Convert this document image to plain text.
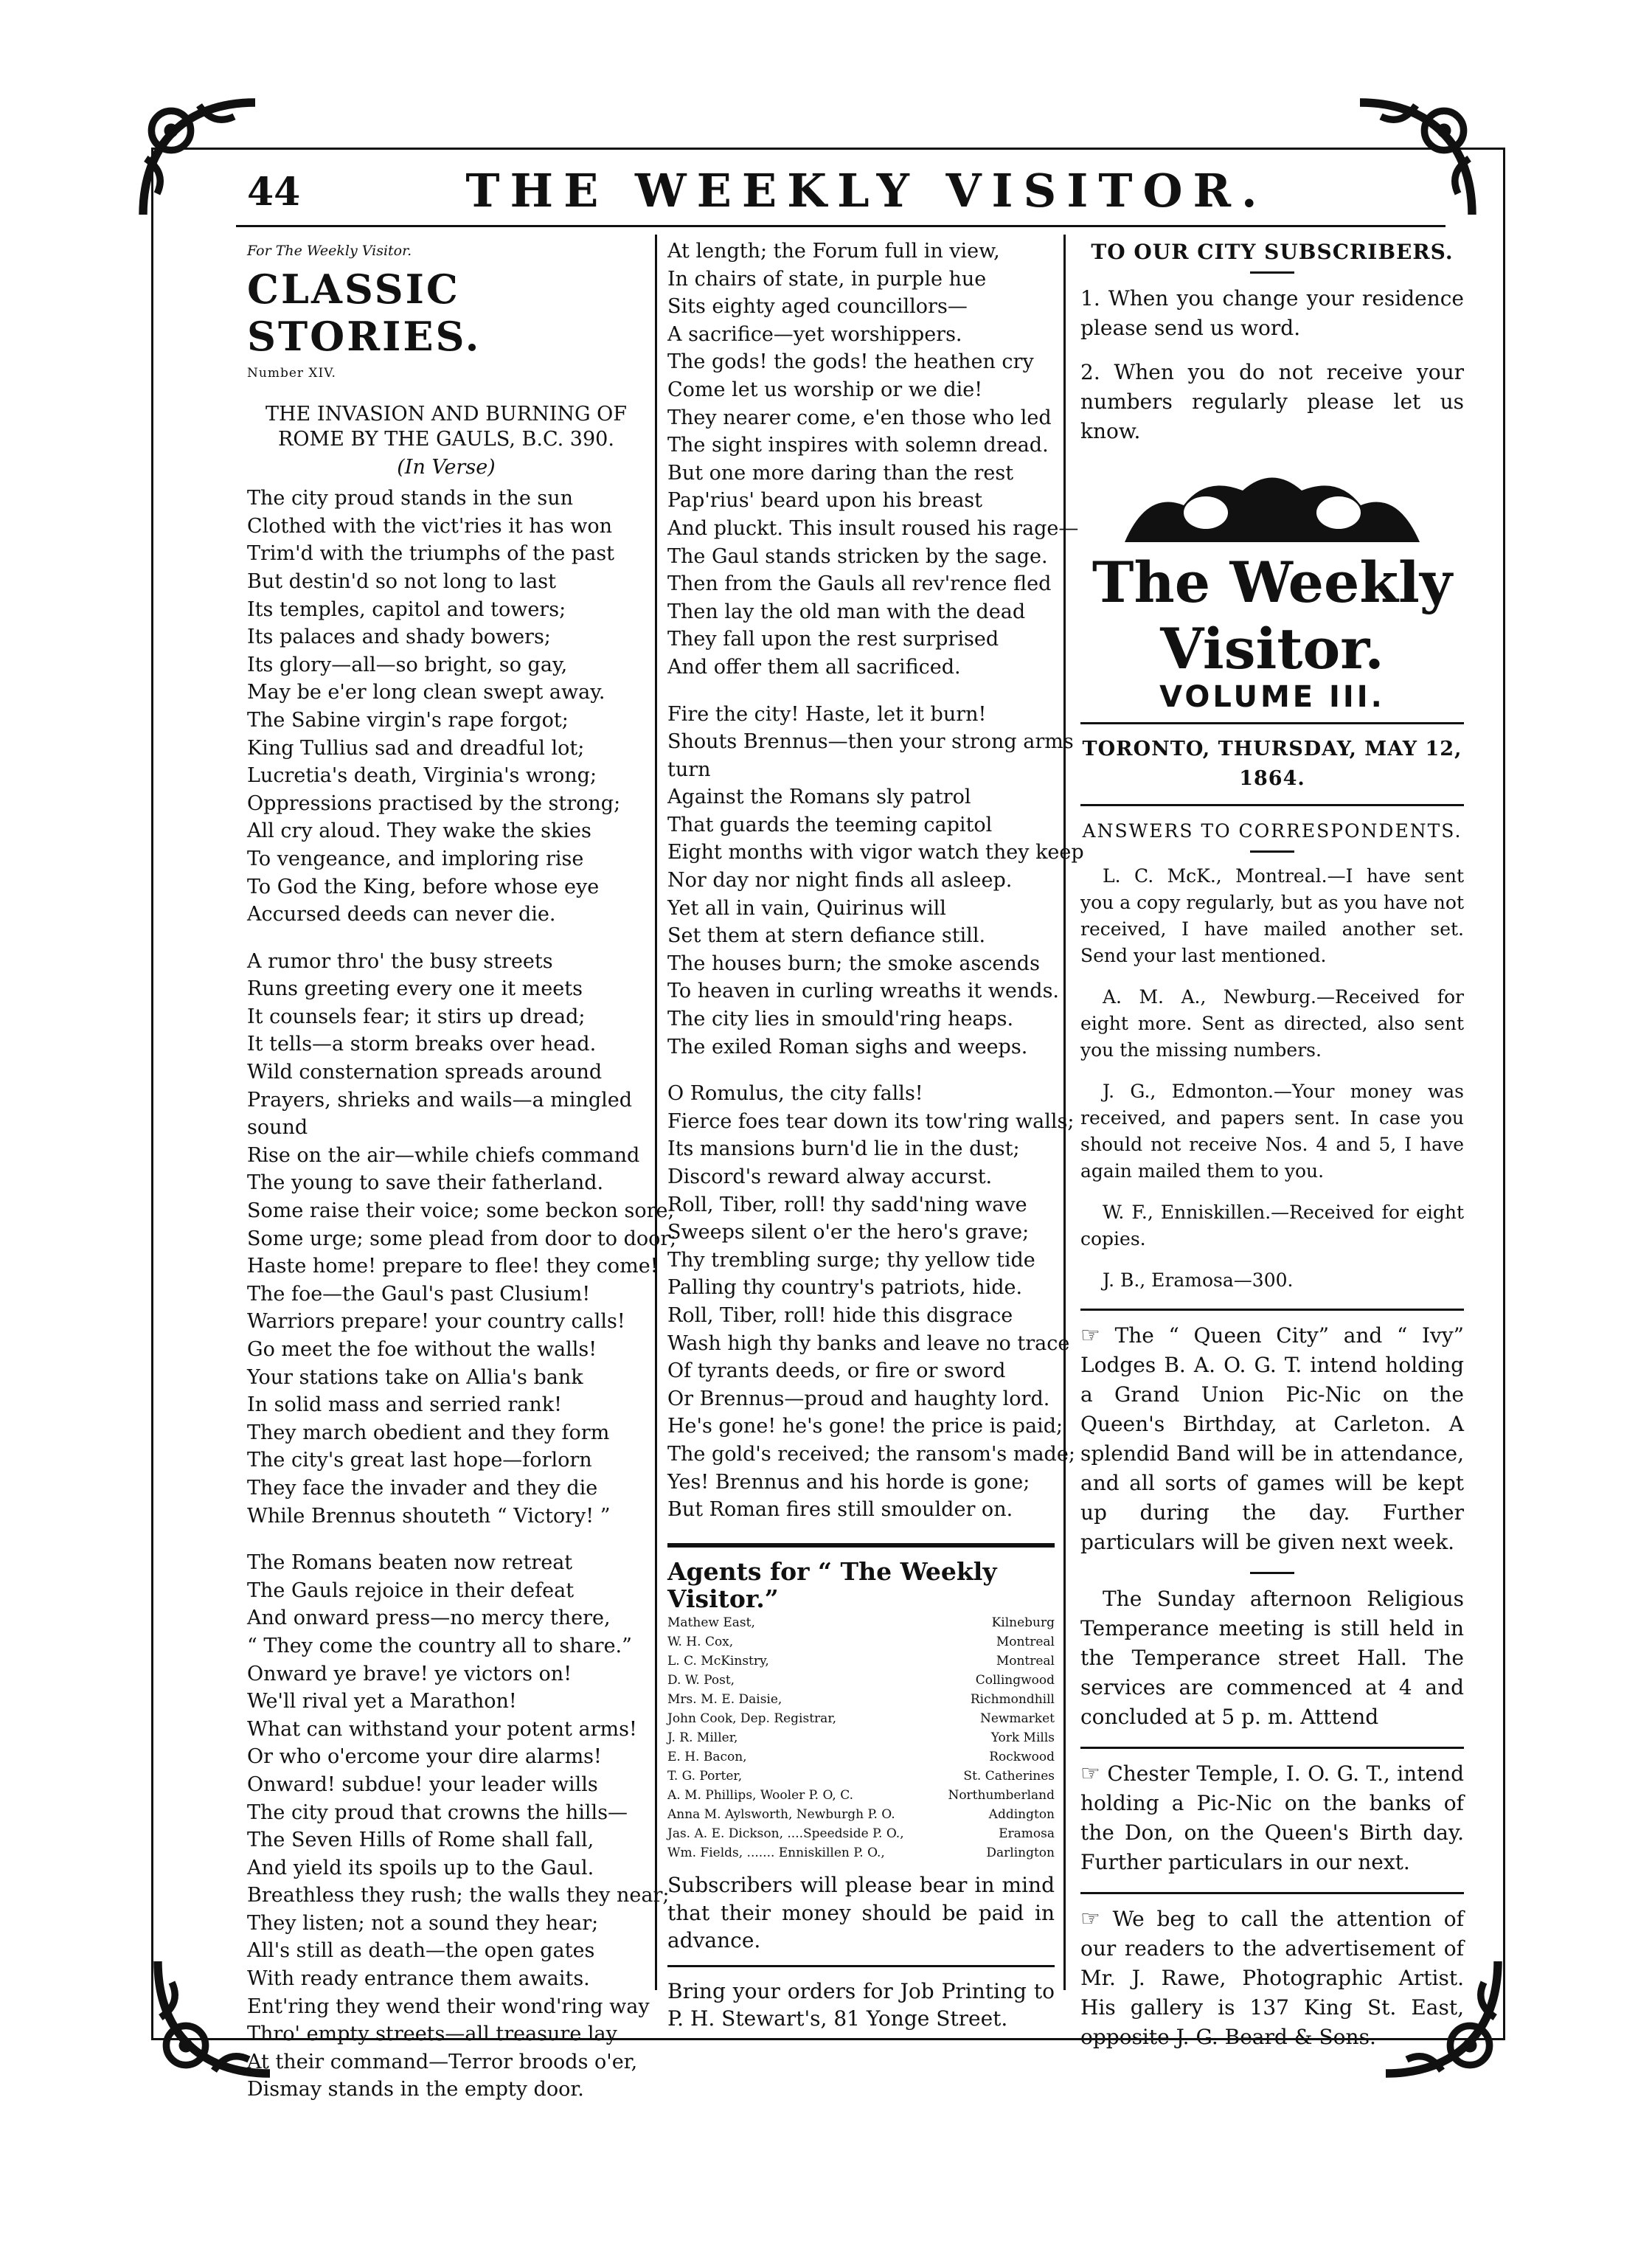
44	THE WEEKLY VISITOR.

For The Weekly Visitor.

CLASSIC STORIES.

Number XIV.

THE INVASION AND BURNING OF

ROME BY THE GAULS, B.C. 390.

(In Verse)

The city proud stands in the sun
Clothed with the vict'ries it has won
Trim'd with the triumphs of the past
But destin'd so not long to last
Its temples, capitol and towers;
Its palaces and shady bowers;
Its glory—all—so bright, so gay,
May be e'er long clean swept away.
The Sabine virgin's rape forgot;
King Tullius sad and dreadful lot;
Lucretia's death, Virginia's wrong;
Oppressions practised by the strong;
All cry aloud. They wake the skies
To vengeance, and imploring rise
To God the King, before whose eye
Accursed deeds can never die.

A rumor thro' the busy streets
Runs greeting every one it meets
It counsels fear; it stirs up dread;
It tells—a storm breaks over head.
Wild consternation spreads around
Prayers, shrieks and wails—a mingled
sound
Rise on the air—while chiefs command
The young to save their fatherland.
Some raise their voice; some beckon sore;
Some urge; some plead from door to door;
Haste home! prepare to flee! they come!
The foe—the Gaul's past Clusium!
Warriors prepare! your country calls!
Go meet the foe without the walls!
Your stations take on Allia's bank
In solid mass and serried rank!
They march obedient and they form
The city's great last hope—forlorn
They face the invader and they die
While Brennus shouteth “ Victory! ”

The Romans beaten now retreat
The Gauls rejoice in their defeat
And onward press—no mercy there,
“ They come the country all to share.”
Onward ye brave! ye victors on!
We'll rival yet a Marathon!
What can withstand your potent arms!
Or who o'ercome your dire alarms!
Onward! subdue! your leader wills
The city proud that crowns the hills—
The Seven Hills of Rome shall fall,
And yield its spoils up to the Gaul.
Breathless they rush; the walls they near;
They listen; not a sound they hear;
All's still as death—the open gates
With ready entrance them awaits.
Ent'ring they wend their wond'ring way
Thro' empty streets—all treasure lay
At their command—Terror broods o'er,
Dismay stands in the empty door.

At length; the Forum full in view,
In chairs of state, in purple hue
Sits eighty aged councillors—
A sacrifice—yet worshippers.
The gods! the gods! the heathen cry
Come let us worship or we die!
They nearer come, e'en those who led
The sight inspires with solemn dread.
But one more daring than the rest
Pap'rius' beard upon his breast
And pluckt. This insult roused his rage—
The Gaul stands stricken by the sage.
Then from the Gauls all rev'rence fled
Then lay the old man with the dead
They fall upon the rest surprised
And offer them all sacrificed.

Fire the city! Haste, let it burn!
Shouts Brennus—then your strong arms
turn
Against the Romans sly patrol
That guards the teeming capitol
Eight months with vigor watch they keep
Nor day nor night finds all asleep.
Yet all in vain, Quirinus will
Set them at stern defiance still.
The houses burn; the smoke ascends
To heaven in curling wreaths it wends.
The city lies in smould'ring heaps.
The exiled Roman sighs and weeps.

O Romulus, the city falls!
Fierce foes tear down its tow'ring walls;
Its mansions burn'd lie in the dust;
Discord's reward alway accurst.
Roll, Tiber, roll! thy sadd'ning wave
Sweeps silent o'er the hero's grave;
Thy trembling surge; thy yellow tide
Palling thy country's patriots, hide.
Roll, Tiber, roll! hide this disgrace
Wash high thy banks and leave no trace
Of tyrants deeds, or fire or sword
Or Brennus—proud and haughty lord.
He's gone! he's gone! the price is paid;
The gold's received; the ransom's made;
Yes! Brennus and his horde is gone;
But Roman fires still smoulder on.

Agents for “ The Weekly Visitor.”

Mathew East,	Kilneburg
W. H. Cox,	Montreal
L. C. McKinstry,	Montreal
D. W. Post,	Collingwood
Mrs. M. E. Daisie,	Richmondhill
John Cook, Dep. Registrar,	Newmarket
J. R. Miller,	York Mills
E. H. Bacon,	Rockwood
T. G. Porter,	St. Catherines
A. M. Phillips, Wooler P. O, C.	Northumberland
Anna M. Aylsworth, Newburgh P. O.	Addington
Jas. A. E. Dickson, ....Speedside P. O.,	Eramosa
Wm. Fields, ....... Enniskillen P. O.,	Darlington

Subscribers will please bear in mind that their money should be paid in advance.

Bring your orders for Job Printing to P. H. Stewart's, 81 Yonge Street.

TO OUR CITY SUBSCRIBERS.

1. When you change your residence please send us word.

2. When you do not receive your numbers regularly please let us know.

The Weekly Visitor.

VOLUME III.

TORONTO, THURSDAY, MAY 12, 1864.

ANSWERS TO CORRESPONDENTS.

L. C. McK., Montreal.—I have sent you a copy regularly, but as you have not received, I have mailed another set. Send your last mentioned.

A. M. A., Newburg.—Received for eight more. Sent as directed, also sent you the missing numbers.

J. G., Edmonton.—Your money was received, and papers sent. In case you should not receive Nos. 4 and 5, I have again mailed them to you.

W. F., Enniskillen.—Received for eight copies.

J. B., Eramosa—300.

☞ The “ Queen City” and “ Ivy” Lodges B. A. O. G. T. intend holding a Grand Union Pic-Nic on the Queen's Birthday, at Carleton. A splendid Band will be in attendance, and all sorts of games will be kept up during the day. Further particulars will be given next week.

The Sunday afternoon Religious Temperance meeting is still held in the Temperance street Hall. The services are commenced at 4 and concluded at 5 p. m. Atttend

☞ Chester Temple, I. O. G. T., intend holding a Pic-Nic on the banks of the Don, on the Queen's Birth day. Further particulars in our next.

☞ We beg to call the attention of our readers to the advertisement of Mr. J. Rawe, Photographic Artist. His gallery is 137 King St. East, opposite J. G. Beard & Sons.
